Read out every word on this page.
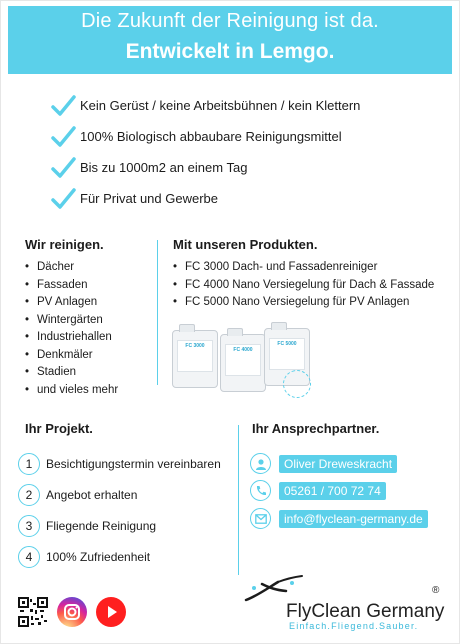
Die Zukunft der Reinigung ist da.
Entwickelt in Lemgo.
Kein Gerüst / keine Arbeitsbühnen / kein Klettern
100% Biologisch abbaubare Reinigungsmittel
Bis zu 1000m2 an einem Tag
Für Privat und Gewerbe
Wir reinigen.
• Dächer
• Fassaden
• PV Anlagen
• Wintergärten
• Industriehallen
• Denkmäler
• Stadien
• und vieles mehr
Mit unseren Produkten.
• FC 3000 Dach- und Fassadenreiniger
• FC 4000 Nano Versiegelung für Dach & Fassade
• FC 5000 Nano Versiegelung für PV Anlagen
FC 3000
FC 4000
FC 5000
Ihr Projekt.
1	Besichtigungstermin vereinbaren
2	Angebot erhalten
3	Fliegende Reinigung
4	100% Zufriedenheit
Ihr Ansprechpartner.
Oliver Dreweskracht
05261 / 700 72 74
info@flyclean-germany.de
®
FlyClean Germany
Einfach.Fliegend.Sauber.
